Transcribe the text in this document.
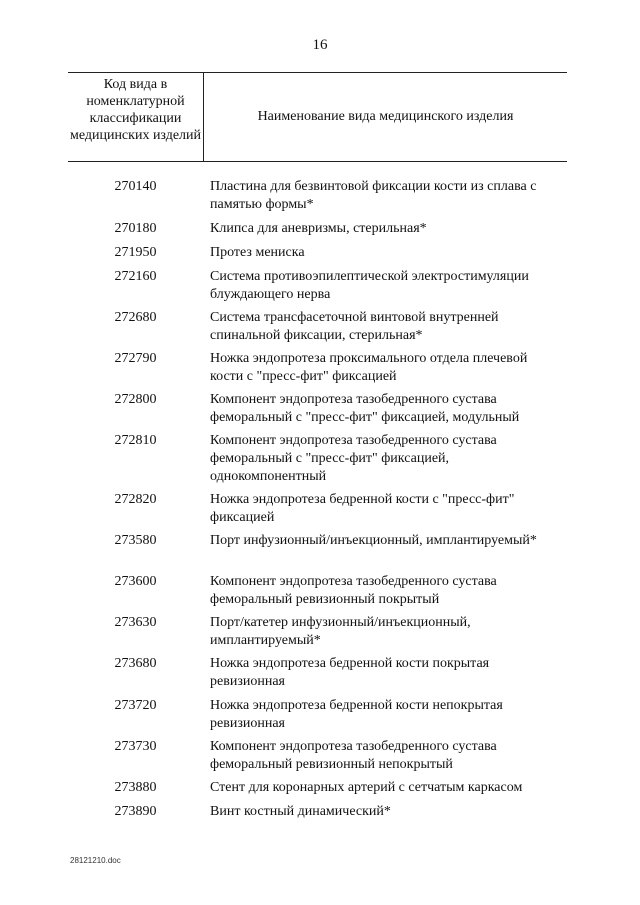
16
Код вида в номенклатурной классификации медицинских изделий
Наименование вида медицинского изделия
270140	Пластина для безвинтовой фиксации кости из сплава с памятью формы*
270180	Клипса для аневризмы, стерильная*
271950	Протез мениска
272160	Система противоэпилептической электростимуляции блуждающего нерва
272680	Система трансфасеточной винтовой внутренней спинальной фиксации, стерильная*
272790	Ножка эндопротеза проксимального отдела плечевой кости с "пресс-фит" фиксацией
272800	Компонент эндопротеза тазобедренного сустава феморальный с "пресс-фит" фиксацией, модульный
272810	Компонент эндопротеза тазобедренного сустава феморальный с "пресс-фит" фиксацией, однокомпонентный
272820	Ножка эндопротеза бедренной кости с "пресс-фит" фиксацией
273580	Порт инфузионный/инъекционный, имплантируемый*
273600	Компонент эндопротеза тазобедренного сустава феморальный ревизионный покрытый
273630	Порт/катетер инфузионный/инъекционный, имплантируемый*
273680	Ножка эндопротеза бедренной кости покрытая ревизионная
273720	Ножка эндопротеза бедренной кости непокрытая ревизионная
273730	Компонент эндопротеза тазобедренного сустава феморальный ревизионный непокрытый
273880	Стент для коронарных артерий с сетчатым каркасом
273890	Винт костный динамический*
28121210.doc
